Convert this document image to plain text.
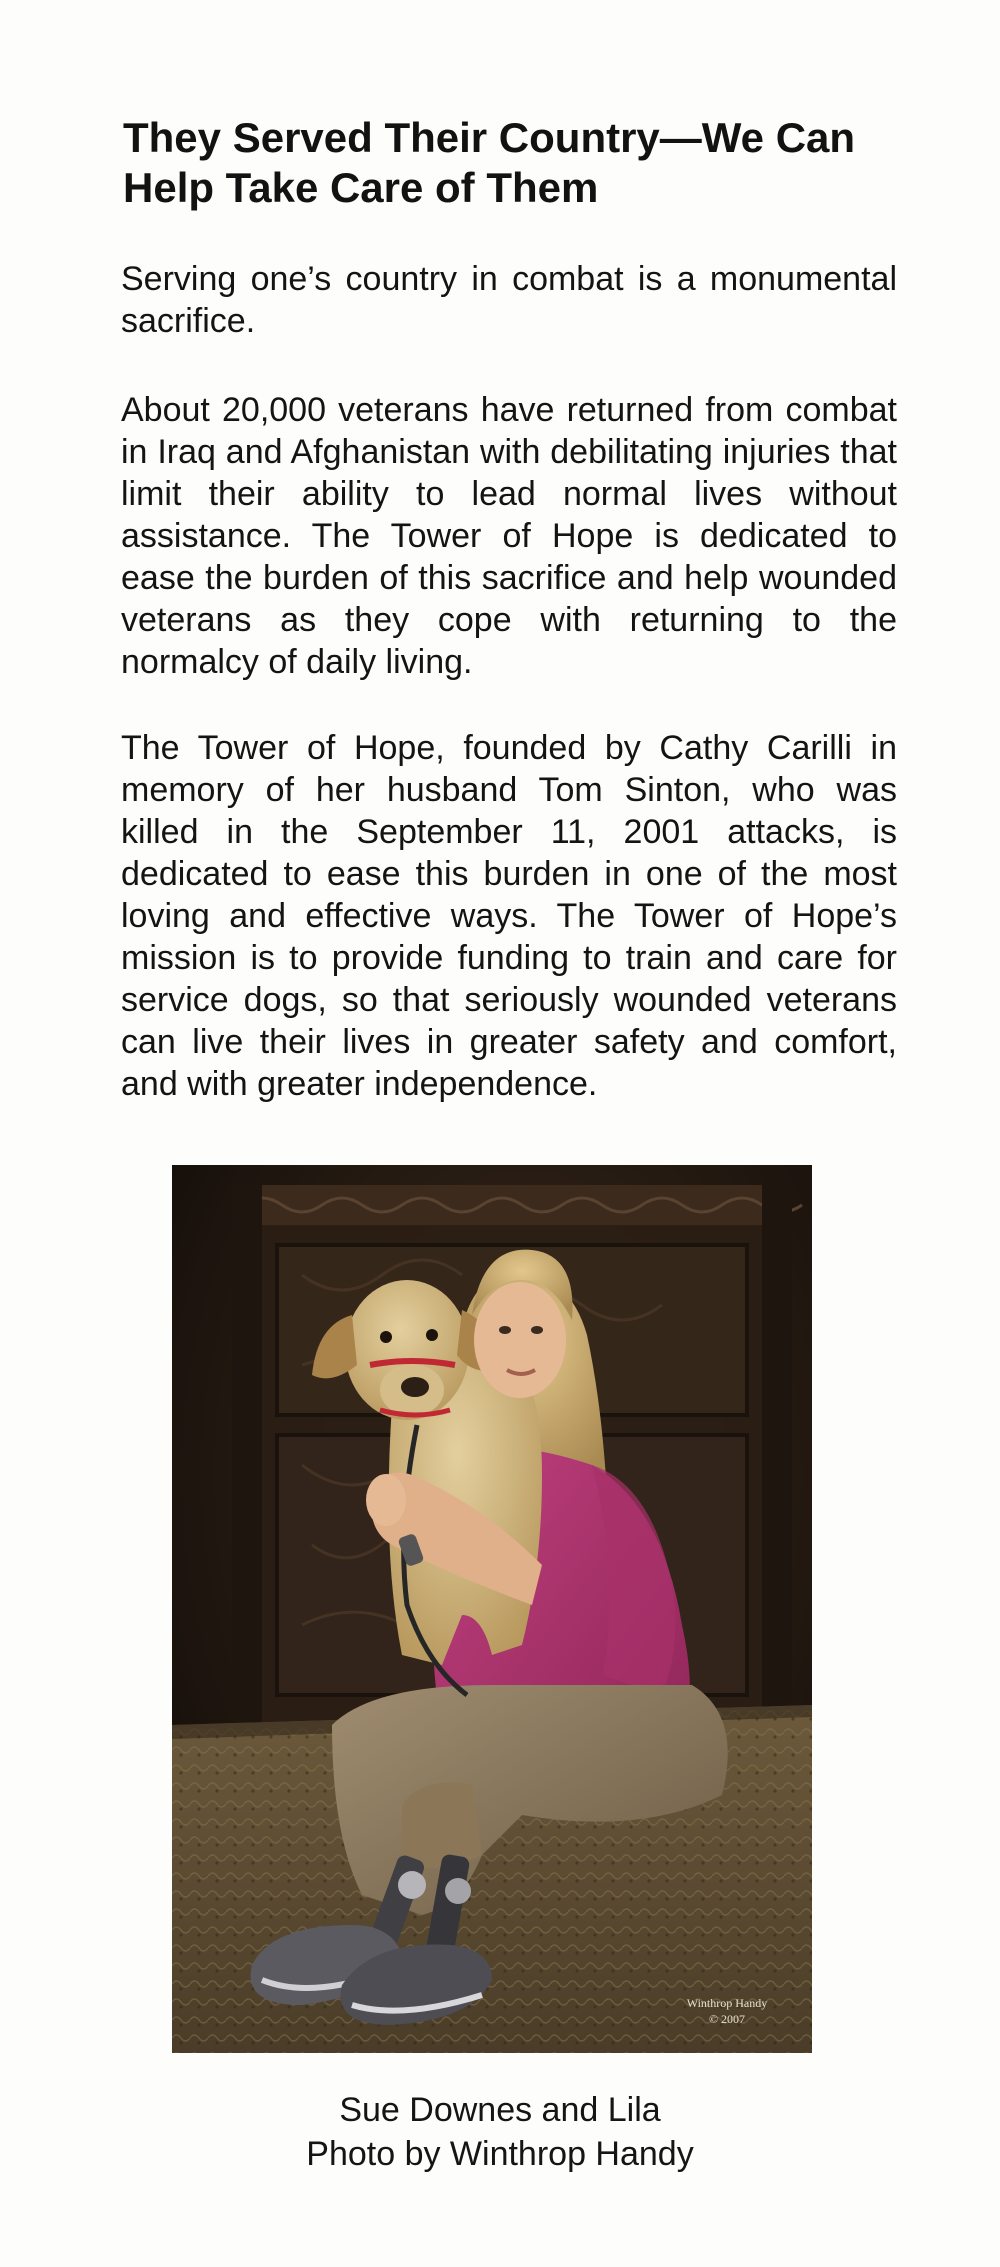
They Served Their Country—We Can Help Take Care of Them

Serving one’s country in combat is a monumental sacrifice.

About 20,000 veterans have returned from combat in Iraq and Afghanistan with debilitating injuries that limit their ability to lead normal lives without assistance. The Tower of Hope is dedicated to ease the burden of this sacrifice and help wounded veterans as they cope with returning to the normalcy of daily living.

The Tower of Hope, founded by Cathy Carilli in memory of her husband Tom Sinton, who was killed in the September 11, 2001 attacks, is dedicated to ease this burden in one of the most loving and effective ways. The Tower of Hope’s mission is to provide funding to train and care for service dogs, so that seriously wounded veterans can live their lives in greater safety and comfort, and with greater independence.

Winthrop Handy
© 2007
Sue Downes and Lila
Photo by Winthrop Handy
